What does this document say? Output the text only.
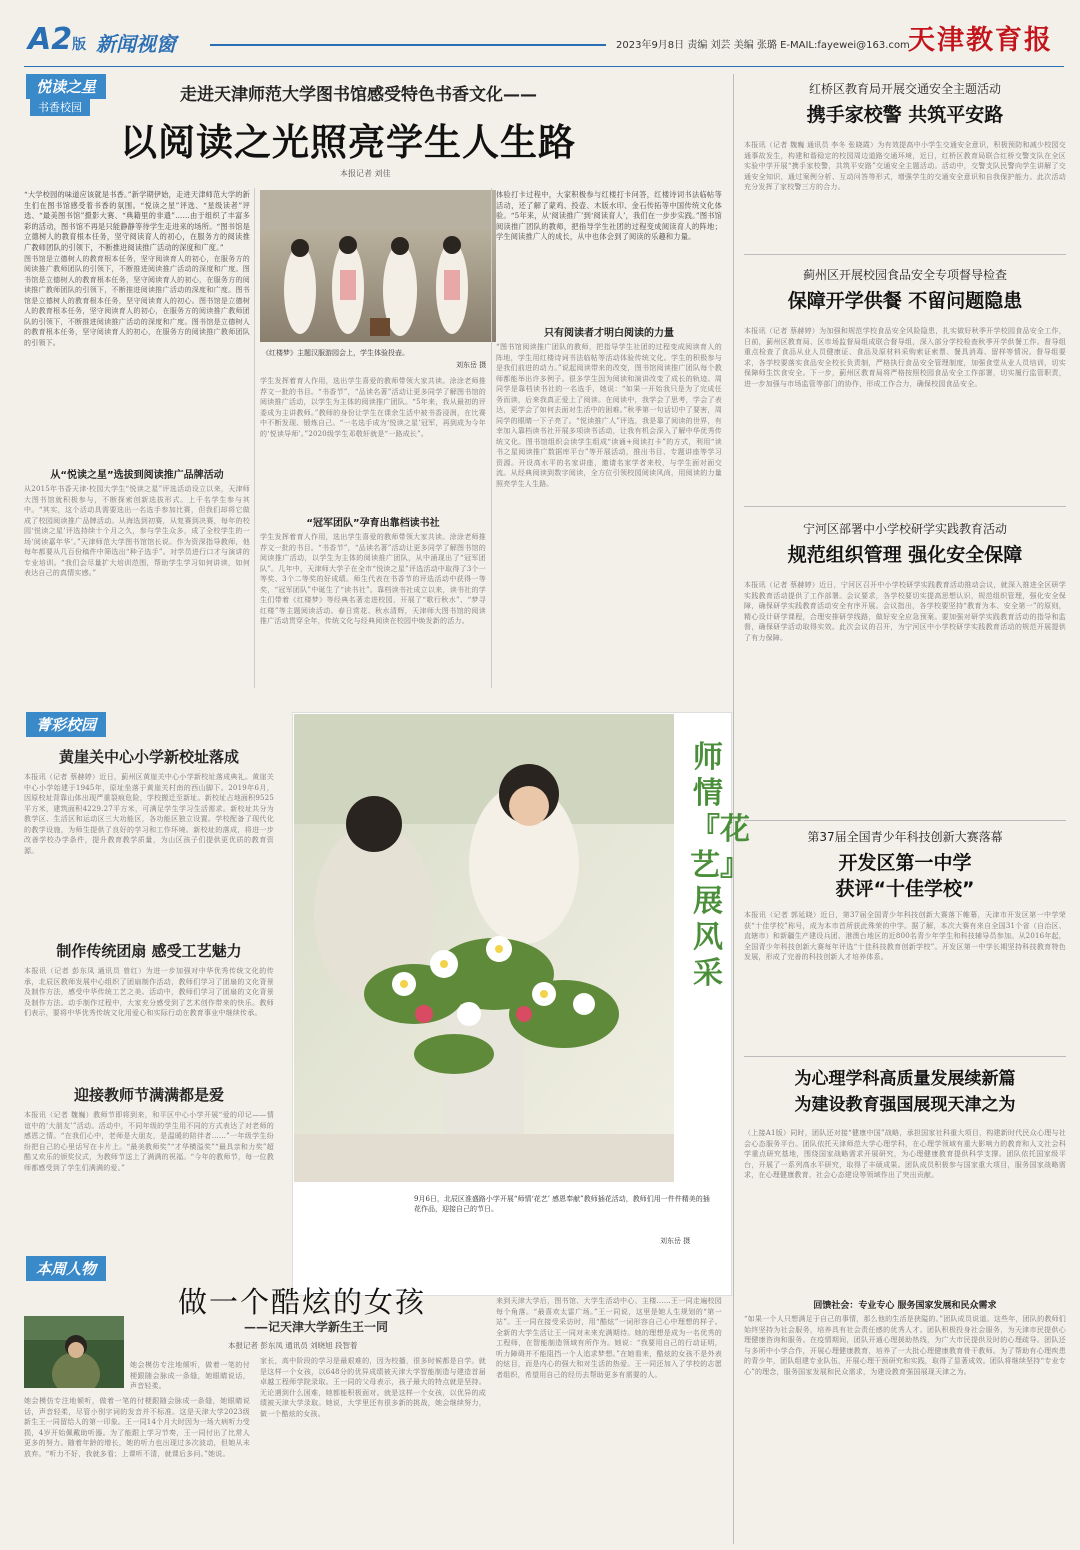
A2版 新闻视窗	2023年9月8日 责编 刘芸 美编 张璐 E-MAIL:fayewei@163.com
天津教育报
悦读之星
书香校园
走进天津师范大学图书馆感受特色书香文化——
以阅读之光照亮学生人生路
本报记者 刘佳
《红楼梦》主题汉服游园会上，学生体验投壶。
刘东岳 摄
“大学校园的味道应该就是书香。”新学期伊始，走进天津师范大学的新生们在图书馆感受着书香的氛围。“悦读之星”评选、“星级读者”评选、“最美图书馆”摄影大赛、“典籍里的非遗”……由于组织了丰富多彩的活动，图书馆不再是只能静静等待学生走进来的场所。“图书馆是立德树人的教育根本任务，坚守阅读育人的初心，在服务方的阅读推广教师团队的引领下，不断推进阅读推广活动的深度和广度。”
图书馆是立德树人的教育根本任务，坚守阅读育人的初心，在服务方的阅读推广教师团队的引领下，不断推进阅读推广活动的深度和广度。图书馆是立德树人的教育根本任务，坚守阅读育人的初心，在服务方的阅读推广教师团队的引领下，不断推进阅读推广活动的深度和广度。图书馆是立德树人的教育根本任务，坚守阅读育人的初心。图书馆是立德树人的教育根本任务，坚守阅读育人的初心，在服务方的阅读推广教师团队的引领下，不断推进阅读推广活动的深度和广度。图书馆是立德树人的教育根本任务，坚守阅读育人的初心，在服务方的阅读推广教师团队的引领下。
从“悦读之星”选拔到阅读推广品牌活动
从2015年书香天津·校园大学生“悦读之星”评选活动设立以来，天津师大图书馆就积极参与，不断探索创新选拔形式。上千名学生参与其中。“其实，这个活动具需要选出一名选手参加比赛，但我们却将它做成了校园阅读推广品牌活动。从海选到初赛，从复赛到决赛，每年的校园‘悦读之星’评选持续十个月之久，参与学生众多，成了全校学生的一场‘阅读嘉年华’。”天津师范大学图书馆馆长说。作为资深指导教师，他每年都要从几百份稿件中筛选出“种子选手”。对学员进行口才与演讲的专业培训。“我们会尽量扩大培训范围，帮助学生学习如何讲读，如何表达自己的真情实感。”
学生发挥着育人作用，选出学生喜爱的教师带领大家共读。涂涂老师推荐文一批的书目。“书香节”，“品读名著”活动让更多同学了解图书馆的阅读推广活动，以学生为主体的阅读推广团队。“5年来，我从最初的评委成为主讲教师。”教师的身份让学生在课余生活中被书香浸润，在比赛中不断发现、锻炼自己。“一名选手成为‘悦读之星’冠军，再到成为今年的‘悦读导师’。”2020级学生邓敬轩就是“一路成长”。
“冠军团队”孕育出靠档读书社
学生发挥着育人作用，选出学生喜爱的教师带领大家共读。涂涂老师推荐文一批的书目。“书香节”，“品读名著”活动让更多同学了解图书馆的阅读推广活动，以学生为主体的阅读推广团队，从中涌现出了“冠军团队”。几年中，天津师大学子在全市“悦读之星”评选活动中取得了3个一等奖、3个二等奖的好成绩。师生代表在书香节的评选活动中获得一等奖，“冠军团队”中诞生了“读书社”。靠档读书社成立以来，读书社的学生们带着《红楼梦》等经典名著走进校园，开展了“歌行秋水”、“梦寻红楼”等主题阅读活动。春日赏花、秋水清辉，天津师大图书馆的阅读推广活动贯穿全年，传统文化与经典阅读在校园中焕发新的活力。
体验打卡过程中，大家积极参与红楼打卡问答，红楼诗词书法临帖等活动，还了解了蒙鸡、投壶、木版水印、金石传拓等中国传统文化体验。“5年来，从‘阅读推广’到‘阅读育人’，我们在一步步实践。”图书馆阅读推广团队的教师，把指导学生社团的过程变成阅读育人的阵地；学生阅读推广人的成长，从中也体会到了阅读的乐趣和力量。
只有阅读者才明白阅读的力量
“图书馆阅读推广团队的教师，把指导学生社团的过程变成阅读育人的阵地，学生用红楼诗词书法临帖等活动体验传统文化。学生的积极参与是我们前进的动力。”说起阅读带来的改变，图书馆阅读推广团队每个教师都能举出许多例子。很多学生因为阅读和演讲改变了成长的轨迹。周同学是靠档读书社的一名选手，她说：“如果一开始我只是为了完成任务而读，后来我真正爱上了阅读。在阅读中，我学会了思考，学会了表达，更学会了如何去面对生活中的困难。”秋季第一句话切中了要害，周同学的眼睛一下子亮了。“悦读推广人”评选，我是靠了阅读的世界，有幸加入靠档读书社开展多项读书活动，让我有机会深入了解中华优秀传统文化。图书馆组织会读学生组成“读诵+阅读打卡”的方式，利用“读书之星阅读推广数据库平台”等开展活动，推出书目、专题讲座等学习资源。开设高水平的名家讲座，邀请名家学者来校，与学生面对面交流。从经典阅读到数字阅读，全方位引领校园阅读风尚，用阅读的力量照亮学生人生路。
菁彩校园
黄崖关中心小学新校址落成
本报讯（记者 蔡赫婷）近日，蓟州区黄崖关中心小学新校址落成典礼。黄崖关中心小学始建于1945年，原址坐落于黄崖关村南的西山脚下。2019年6月，因原校址背靠山体出现严重裂痕危险，学校搬迁至新址。新校址占地面积9525平方米，建筑面积4229.27平方米，可满足学生学习生活需求。新校址共分为教学区、生活区和运动区三大功能区，各功能区独立设置。学校配备了现代化的教学设施，为师生提供了良好的学习和工作环境。新校址的落成，将进一步改善学校办学条件，提升教育教学质量，为山区孩子们提供更优质的教育资源。
制作传统团扇 感受工艺魅力
本报讯（记者 彭东凤 通讯员 曾红）为进一步加强对中华优秀传统文化的传承，北辰区教师发展中心组织了团扇制作活动，教师们学习了团扇的文化背景及制作方法，感受中华传统工艺之美。活动中，教师们学习了团扇的文化背景及制作方法。动手制作过程中，大家充分感受到了艺术创作带来的快乐。教师们表示，要将中华优秀传统文化用爱心和实际行动在教育事业中继续传承。
迎接教师节满满都是爱
本报讯（记者 魏巍）教师节即将到来，和平区中心小学开展“爱的印记——情谊中的‘大朋友’”活动。活动中，不同年级的学生用不同的方式表达了对老师的感恩之情。“在我们心中，老师是大朋友，是温暖的陪伴者……”一年级学生纷纷把自己的心里话写在卡片上。“最美教师奖”“才华横溢奖”“最具亲和力奖”超酷又欢乐的颁奖仪式，为教师节送上了满满的祝福。“今年的教师节，每一位教师都感受到了学生们满满的爱。”
师情『花艺』展风采
9月6日，北辰区淮盛路小学开展“师情‘花艺’ 感恩奉献”教师插花活动，教师们用一件件精美的插花作品，迎接自己的节日。
刘东岳 摄
本周人物
做一个酷炫的女孩
——记天津大学新生王一同
本报记者 彭东凤 通讯员 刘晓旭 段智着
她会模仿专注地倾听，做着一笔的付梗跟随会脉成一条缝，她眼睛说话，声音轻柔。
她会模仿专注地倾听，做着一笔的付梗跟随会脉成一条缝，她眼睛说话，声音轻柔，尽管小别字词的发音并不标准。这是天津大学2023级新生王一同留给人的第一印象。王一同14个月大时因为一场大病听力受损，4岁开始佩戴助听器。为了能跟上学习节奏，王一同付出了比常人更多的努力。随着年龄的增长，她的听力也出现过多次波动，但她从未放弃。“听力不好，我就多看；上课听不清，就课后多问。”她说。
家长，高中阶段的学习是最艰难的，因为校播，很多时候都是自学。就是这样一个女孩，以648分的优异成绩被天津大学智能制造与建造首届卓越工程师学院录取。王一同的父母表示，孩子最大的特点就是坚持。无论遇到什么困难，她都能积极面对。就是这样一个女孩，以优异的成绩被天津大学录取。她说，大学里还有很多新的挑战，她会继续努力，做一个酷炫的女孩。
来到天津大学后，图书馆、大学生活动中心、主楼……王一同走遍校园每个角落。“最喜欢太雷广场。”王一同说，这里是她人生规划的“第一站”。王一同在接受采访时，用“酷炫”一词形容自己心中理想的样子。全新的大学生活让王一同对未来充满期待。她的理想是成为一名优秀的工程师，在智能制造领域有所作为。她说：“我要用自己的行动证明，听力障碍并不能阻挡一个人追求梦想。”在她看来，酷炫的女孩不是外表的炫目，而是内心的强大和对生活的热爱。王一同还加入了学校的志愿者组织，希望用自己的经历去帮助更多有需要的人。
红桥区教育局开展交通安全主题活动
携手家校警 共筑平安路
本报讯（记者 魏巍 通讯员 李冬 张晓霞）为有效提高中小学生交通安全意识，积极预防和减少校园交通事故发生，构建和谐稳定的校园周边道路交通环境，近日，红桥区教育局联合红桥交警支队在全区实验中学开展“携手家校警，共筑平安路”交通安全主题活动。活动中，交警支队民警向学生讲解了交通安全知识，通过案例分析、互动问答等形式，增强学生的交通安全意识和自我保护能力。此次活动充分发挥了家校警三方的合力。
蓟州区开展校园食品安全专项督导检查
保障开学供餐 不留问题隐患
本报讯（记者 蔡赫婷）为加强和规范学校食品安全风险隐患，扎实做好秋季开学校园食品安全工作，日前，蓟州区教育局、区市场监督局组成联合督导组，深入部分学校检查秋季开学供餐工作。督导组重点检查了食品从业人员健康证、食品及原材料采购索证索票、餐具消毒、留样等情况。督导组要求，各学校要落实食品安全校长负责制，严格执行食品安全管理制度，加强食堂从业人员培训，切实保障师生饮食安全。下一步，蓟州区教育局将严格按照校园食品安全工作部署，切实履行监管职责，进一步加强与市场监管等部门的协作，形成工作合力，确保校园食品安全。
宁河区部署中小学校研学实践教育活动
规范组织管理 强化安全保障
本报讯（记者 蔡赫婷）近日，宁河区召开中小学校研学实践教育活动推动会议，就深入推进全区研学实践教育活动提供了工作部署。会议要求，各学校要切实提高思想认识，规范组织管理，强化安全保障，确保研学实践教育活动安全有序开展。会议指出，各学校要坚持“教育为本、安全第一”的原则，精心设计研学课程，合理安排研学线路，做好安全应急预案。要加强对研学实践教育活动的指导和监督，确保研学活动取得实效。此次会议的召开，为宁河区中小学校研学实践教育活动的规范开展提供了有力保障。
第37届全国青少年科技创新大赛落幕
开发区第一中学
获评“十佳学校”
本报讯（记者 郭延晓）近日，第37届全国青少年科技创新大赛落下帷幕，天津市开发区第一中学荣获“十佳学校”称号，成为本市首所获此殊荣的中学。据了解，本次大赛有来自全国31个省（自治区、直辖市）和新疆生产建设兵团、港澳台地区的近800名青少年学生和科技辅导员参加。从2016年起，全国青少年科技创新大赛每年评选“十佳科技教育创新学校”。开发区第一中学长期坚持科技教育特色发展，形成了完善的科技创新人才培养体系。
为心理学科高质量发展续新篇
为建设教育强国展现天津之为
（上接A1版）同时，团队还对接“健康中国”战略，承担国家社科重大项目，构建新时代民众心理与社会心态服务平台。团队依托天津师范大学心理学科，在心理学领域有重大影响力的教育和人文社会科学重点研究基地，围绕国家战略需求开展研究，为心理健康教育提供科学支撑。团队依托国家级平台，开展了一系列高水平研究，取得了丰硕成果。团队成员积极参与国家重大项目，服务国家战略需求，在心理健康教育、社会心态建设等领域作出了突出贡献。
回馈社会：专业专心 服务国家发展和民众需求
“如果一个人只想满足于自己的事情，那么他的生活是狭隘的。”团队成员说道。这些年，团队的教师们始终坚持为社会服务，培养具有社会责任感的优秀人才。团队积极投身社会服务，为天津市民提供心理健康咨询和服务。在疫情期间，团队开通心理援助热线，为广大市民提供及时的心理疏导。团队还与多所中小学合作，开展心理健康教育，培养了一大批心理健康教育骨干教师。为了帮助有心理疾患的青少年，团队组建专业队伍，开展心理干预研究和实践，取得了显著成效。团队将继续坚持“专业专心”的理念，服务国家发展和民众需求，为建设教育强国展现天津之为。
